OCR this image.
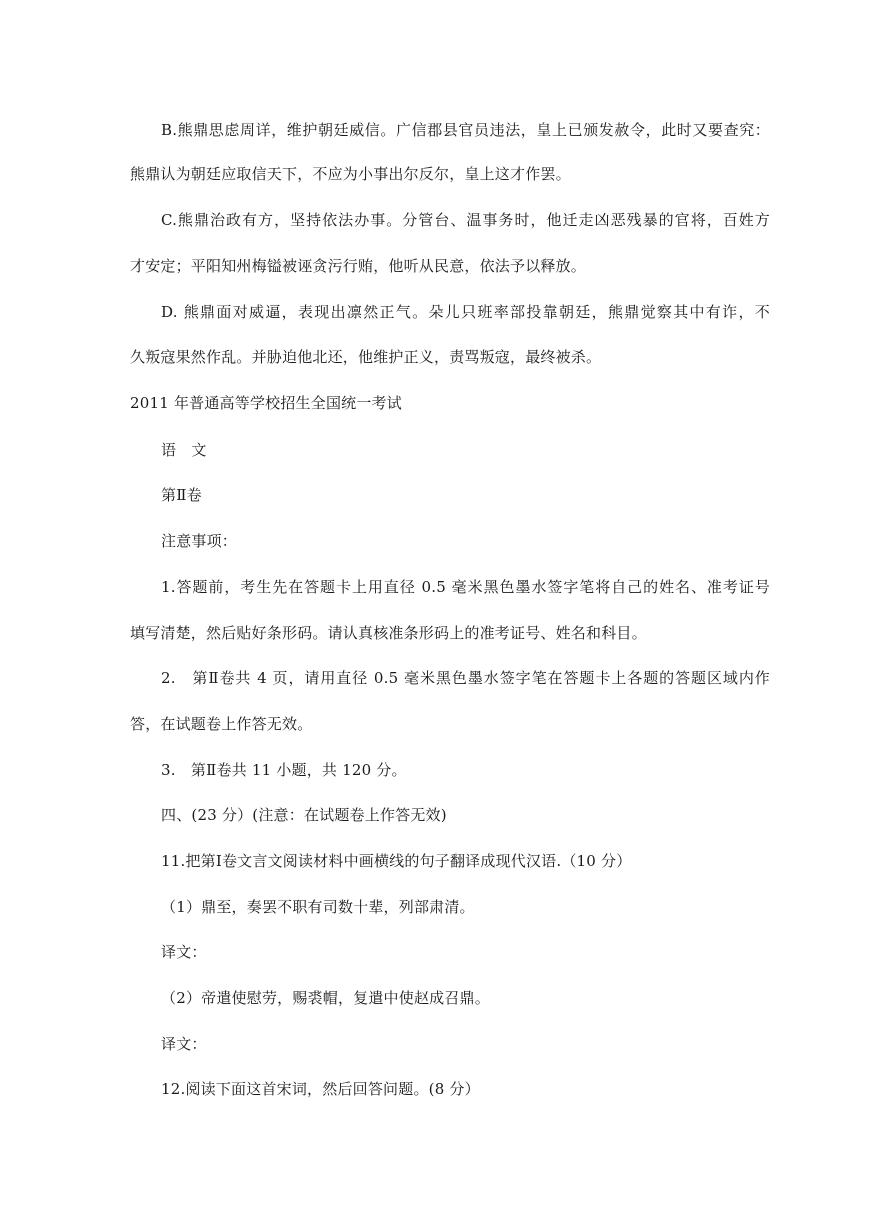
B.熊鼎思虑周详，维护朝廷威信。广信郡县官员违法，皇上已颁发赦令，此时又要查究：
熊鼎认为朝廷应取信天下，不应为小事出尔反尔，皇上这才作罢。
C.熊鼎治政有方，坚持依法办事。分管台、温事务时，他迁走凶恶残暴的官将，百姓方
才安定；平阳知州梅镒被诬贪污行贿，他听从民意，依法予以释放。
D. 熊鼎面对威逼，表现出凛然正气。朵儿只班率部投靠朝廷，熊鼎觉察其中有诈，不
久叛寇果然作乱。并胁迫他北还，他维护正义，责骂叛寇，最终被杀。
2011 年普通高等学校招生全国统一考试
语　文
第Ⅱ卷
注意事项：
1.答题前，考生先在答题卡上用直径 0.5 毫米黑色墨水签字笔将自己的姓名、准考证号
填写清楚，然后贴好条形码。请认真核准条形码上的准考证号、姓名和科目。
2.　第Ⅱ卷共 4 页，请用直径 0.5 毫米黑色墨水签字笔在答题卡上各题的答题区域内作
答，在试题卷上作答无效。
3.　第Ⅱ卷共 11 小题，共 120 分。
四、(23 分）(注意：在试题卷上作答无效)
11.把第Ⅰ卷文言文阅读材料中画横线的句子翻译成现代汉语.（10 分）
（1）鼎至，奏罢不职有司数十辈，列部肃清。
译文：
（2）帝遣使慰劳，赐裘帽，复遣中使赵成召鼎。
译文：
12.阅读下面这首宋词，然后回答问题。(8 分）
